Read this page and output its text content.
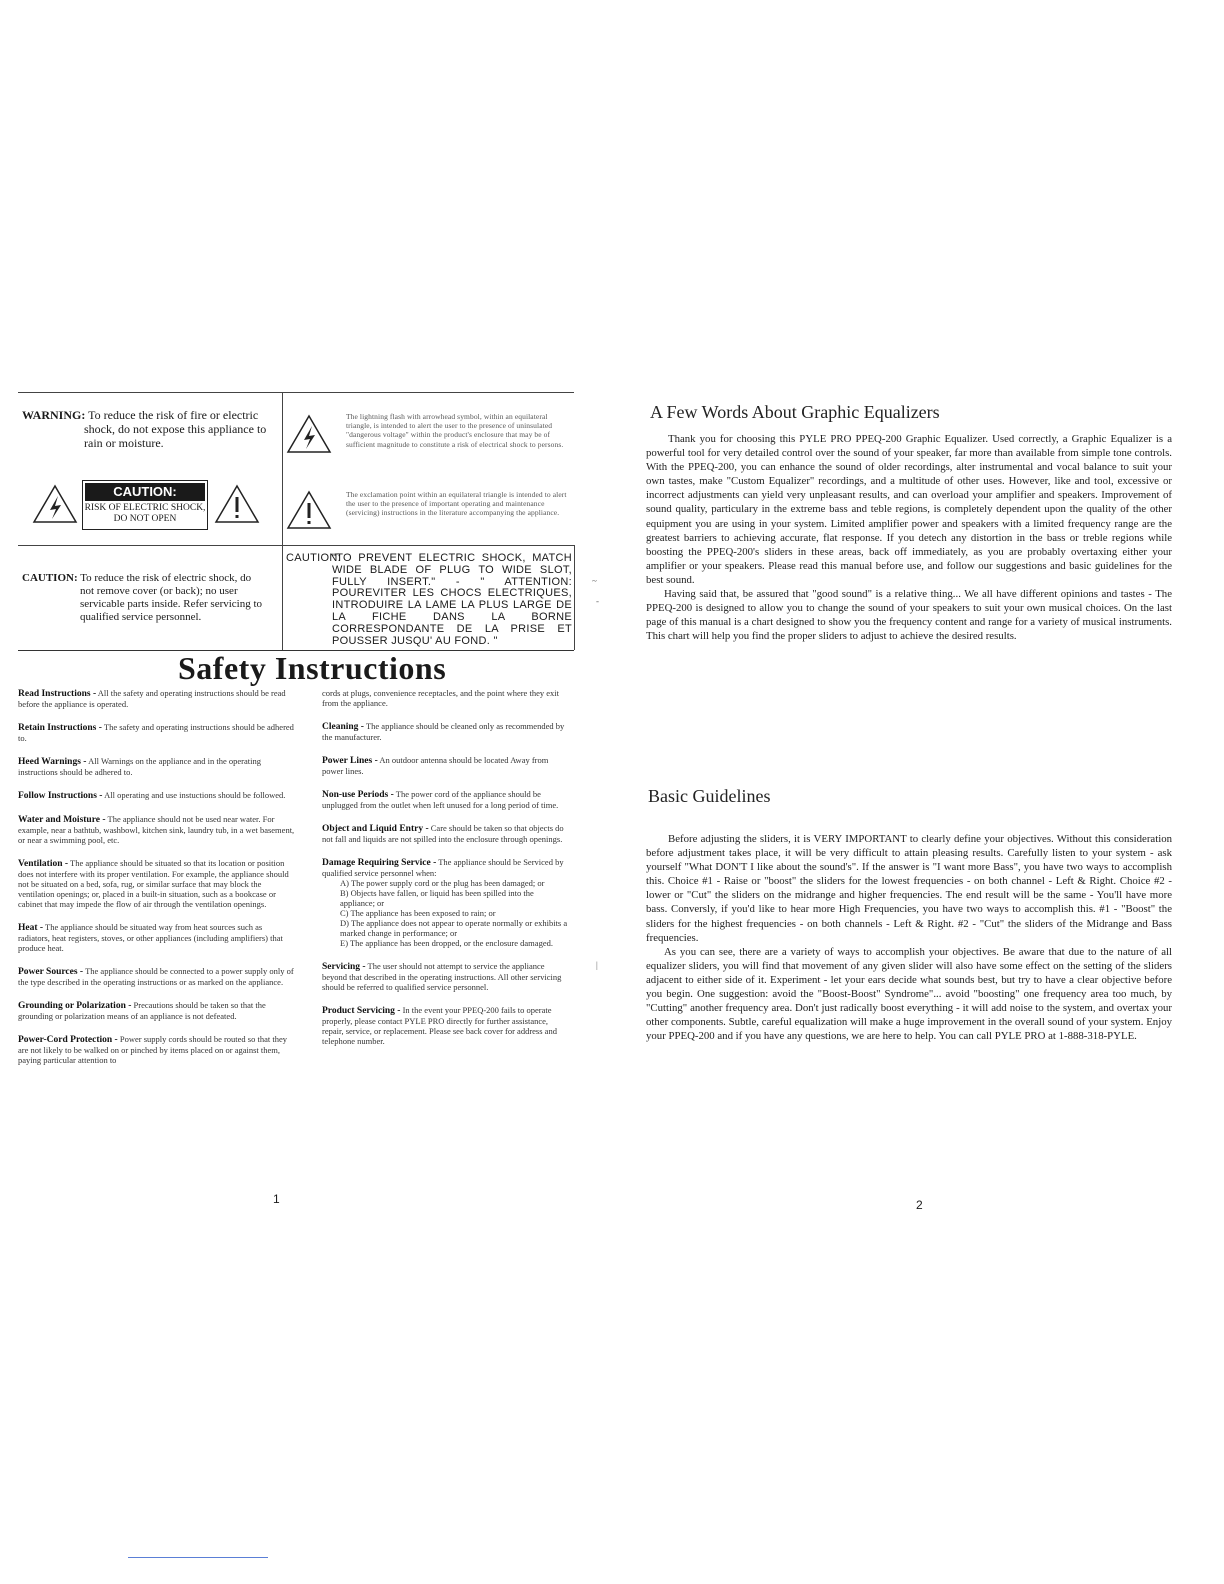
WARNING: To reduce the risk of fire or electric
shock, do not expose this appliance to rain or moisture.
CAUTION:
RISK OF ELECTRIC SHOCK,
DO NOT OPEN
The lightning flash with arrowhead symbol, within an equilateral triangle, is intended to alert the user to the presence of uninsulated "dangerous voltage" within the product's enclosure that may be of sufficient magnitude to constitute a risk of electrical shock to persons.
The exclamation point within an equilateral triangle is intended to alert the user to the presence of important operating and maintenance (servicing) instructions in the literature accompanying the appliance.
CAUTION: To reduce the risk of electric shock, do
not remove cover (or back); no user servicable parts inside. Refer servicing to qualified service personnel.
CAUTION:
"TO PREVENT ELECTRIC SHOCK, MATCH WIDE BLADE OF PLUG TO WIDE SLOT, FULLY INSERT." - " ATTENTION: POUREVITER LES CHOCS ELECTRIQUES, INTRODUIRE LA LAME LA PLUS LARGE DE LA FICHE DANS LA BORNE CORRESPONDANTE DE LA PRISE ET POUSSER JUSQU' AU FOND. "
Safety Instructions
Read Instructions - All the safety and operating instructions should be read before the appliance is operated.
Retain Instructions - The safety and operating instructions should be adhered to.
Heed Warnings - All Warnings on the appliance and in the operating instructions should be adhered to.
Follow Instructions - All operating and use instuctions should be followed.
Water and Moisture - The appliance should not be used near water. For example, near a bathtub, washbowl, kitchen sink, laundry tub, in a wet basement, or near a swimming pool, etc.
Ventilation - The appliance should be situated so that its location or position does not interfere with its proper ventilation. For example, the appliance should not be situated on a bed, sofa, rug, or similar surface that may block the ventilation openings; or, placed in a built-in situation, such as a bookcase or cabinet that may impede the flow of air through the ventilation openings.
Heat - The appliance should be situated way from heat sources such as radiators, heat registers, stoves, or other appliances (including amplifiers) that produce heat.
Power Sources - The appliance should be connected to a power supply only of the type described in the operating instructions or as marked on the appliance.
Grounding or Polarization - Precautions should be taken so that the grounding or polarization means of an appliance is not defeated.
Power-Cord Protection - Power supply cords should be routed so that they are not likely to be walked on or pinched by items placed on or against them, paying particular attention to
cords at plugs, convenience receptacles, and the point where they exit from the appliance.
Cleaning - The appliance should be cleaned only as recommended by the manufacturer.
Power Lines - An outdoor antenna should be located Away from power lines.
Non-use Periods - The power cord of the appliance should be unplugged from the outlet when left unused for a long period of time.
Object and Liquid Entry - Care should be taken so that objects do not fall and liquids are not spilled into the enclosure through openings.
Damage Requiring Service - The appliance should be Serviced by qualified service personnel when:
A) The power supply cord or the plug has been damaged; or
B) Objects have fallen, or liquid has been spilled into the appliance; or
C) The appliance has been exposed to rain; or
D) The appliance does not appear to operate normally or exhibits a marked change in performance; or
E) The appliance has been dropped, or the enclosure damaged.
Servicing - The user should not attempt to service the appliance beyond that described in the operating instructions. All other servicing should be referred to qualified service personnel.
Product Servicing - In the event your PPEQ-200 fails to operate properly, please contact PYLE PRO directly for further assistance, repair, service, or replacement. Please see back cover for address and telephone number.
1
~
-
|
A Few Words About Graphic Equalizers

Thank you for choosing this PYLE PRO PPEQ-200 Graphic Equalizer. Used correctly, a Graphic Equalizer is a powerful tool for very detailed control over the sound of your speaker, far more than available from simple tone controls. With the PPEQ-200, you can enhance the sound of older recordings, alter instrumental and vocal balance to suit your own tastes, make "Custom Equalizer" recordings, and a multitude of other uses. However, like and tool, excessive or incorrect adjustments can yield very unpleasant results, and can overload your amplifier and speakers. Improvement of sound quality, particulary in the extreme bass and teble regions, is completely dependent upon the quality of the other equipment you are using in your system. Limited amplifier power and speakers with a limited frequency range are the greatest barriers to achieving accurate, flat response. If you detech any distortion in the bass or treble regions while boosting the PPEQ-200's sliders in these areas, back off immediately, as you are probably overtaxing either your amplifier or your speakers. Please read this manual before use, and follow our suggestions and basic guidelines for the best sound.

Having said that, be assured that "good sound" is a relative thing... We all have different opinions and tastes - The PPEQ-200 is designed to allow you to change the sound of your speakers to suit your own musical choices. On the last page of this manual is a chart designed to show you the frequency content and range for a variety of musical instruments. This chart will help you find the proper sliders to adjust to achieve the desired results.

Basic Guidelines

Before adjusting the sliders, it is VERY IMPORTANT to clearly define your objectives. Without this consideration before adjustment takes place, it will be very difficult to attain pleasing results. Carefully listen to your system - ask yourself "What DON'T I like about the sound's". If the answer is "I want more Bass", you have two ways to accomplish this. Choice #1 - Raise or "boost" the sliders for the lowest frequencies - on both channel - Left & Right. Choice #2 - lower or "Cut" the sliders on the midrange and higher frequencies. The end result will be the same - You'll have more bass. Conversly, if you'd like to hear more High Frequencies, you have two ways to accomplish this. #1 - "Boost" the sliders for the highest frequencies - on both channels - Left & Right. #2 - "Cut" the sliders of the Midrange and Bass frequencies.

As you can see, there are a variety of ways to accomplish your objectives. Be aware that due to the nature of all equalizer sliders, you will find that movement of any given slider will also have some effect on the setting of the sliders adjacent to either side of it. Experiment - let your ears decide what sounds best, but try to have a clear objective before you begin. One suggestion: avoid the "Boost-Boost" Syndrome"... avoid "boosting" one frequency area too much, by "Cutting" another frequency area. Don't just radically boost everything - it will add noise to the system, and overtax your other components. Subtle, careful equalization will make a huge improvement in the overall sound of your system. Enjoy your PPEQ-200 and if you have any questions, we are here to help. You can call PYLE PRO at 1-888-318-PYLE.

2
